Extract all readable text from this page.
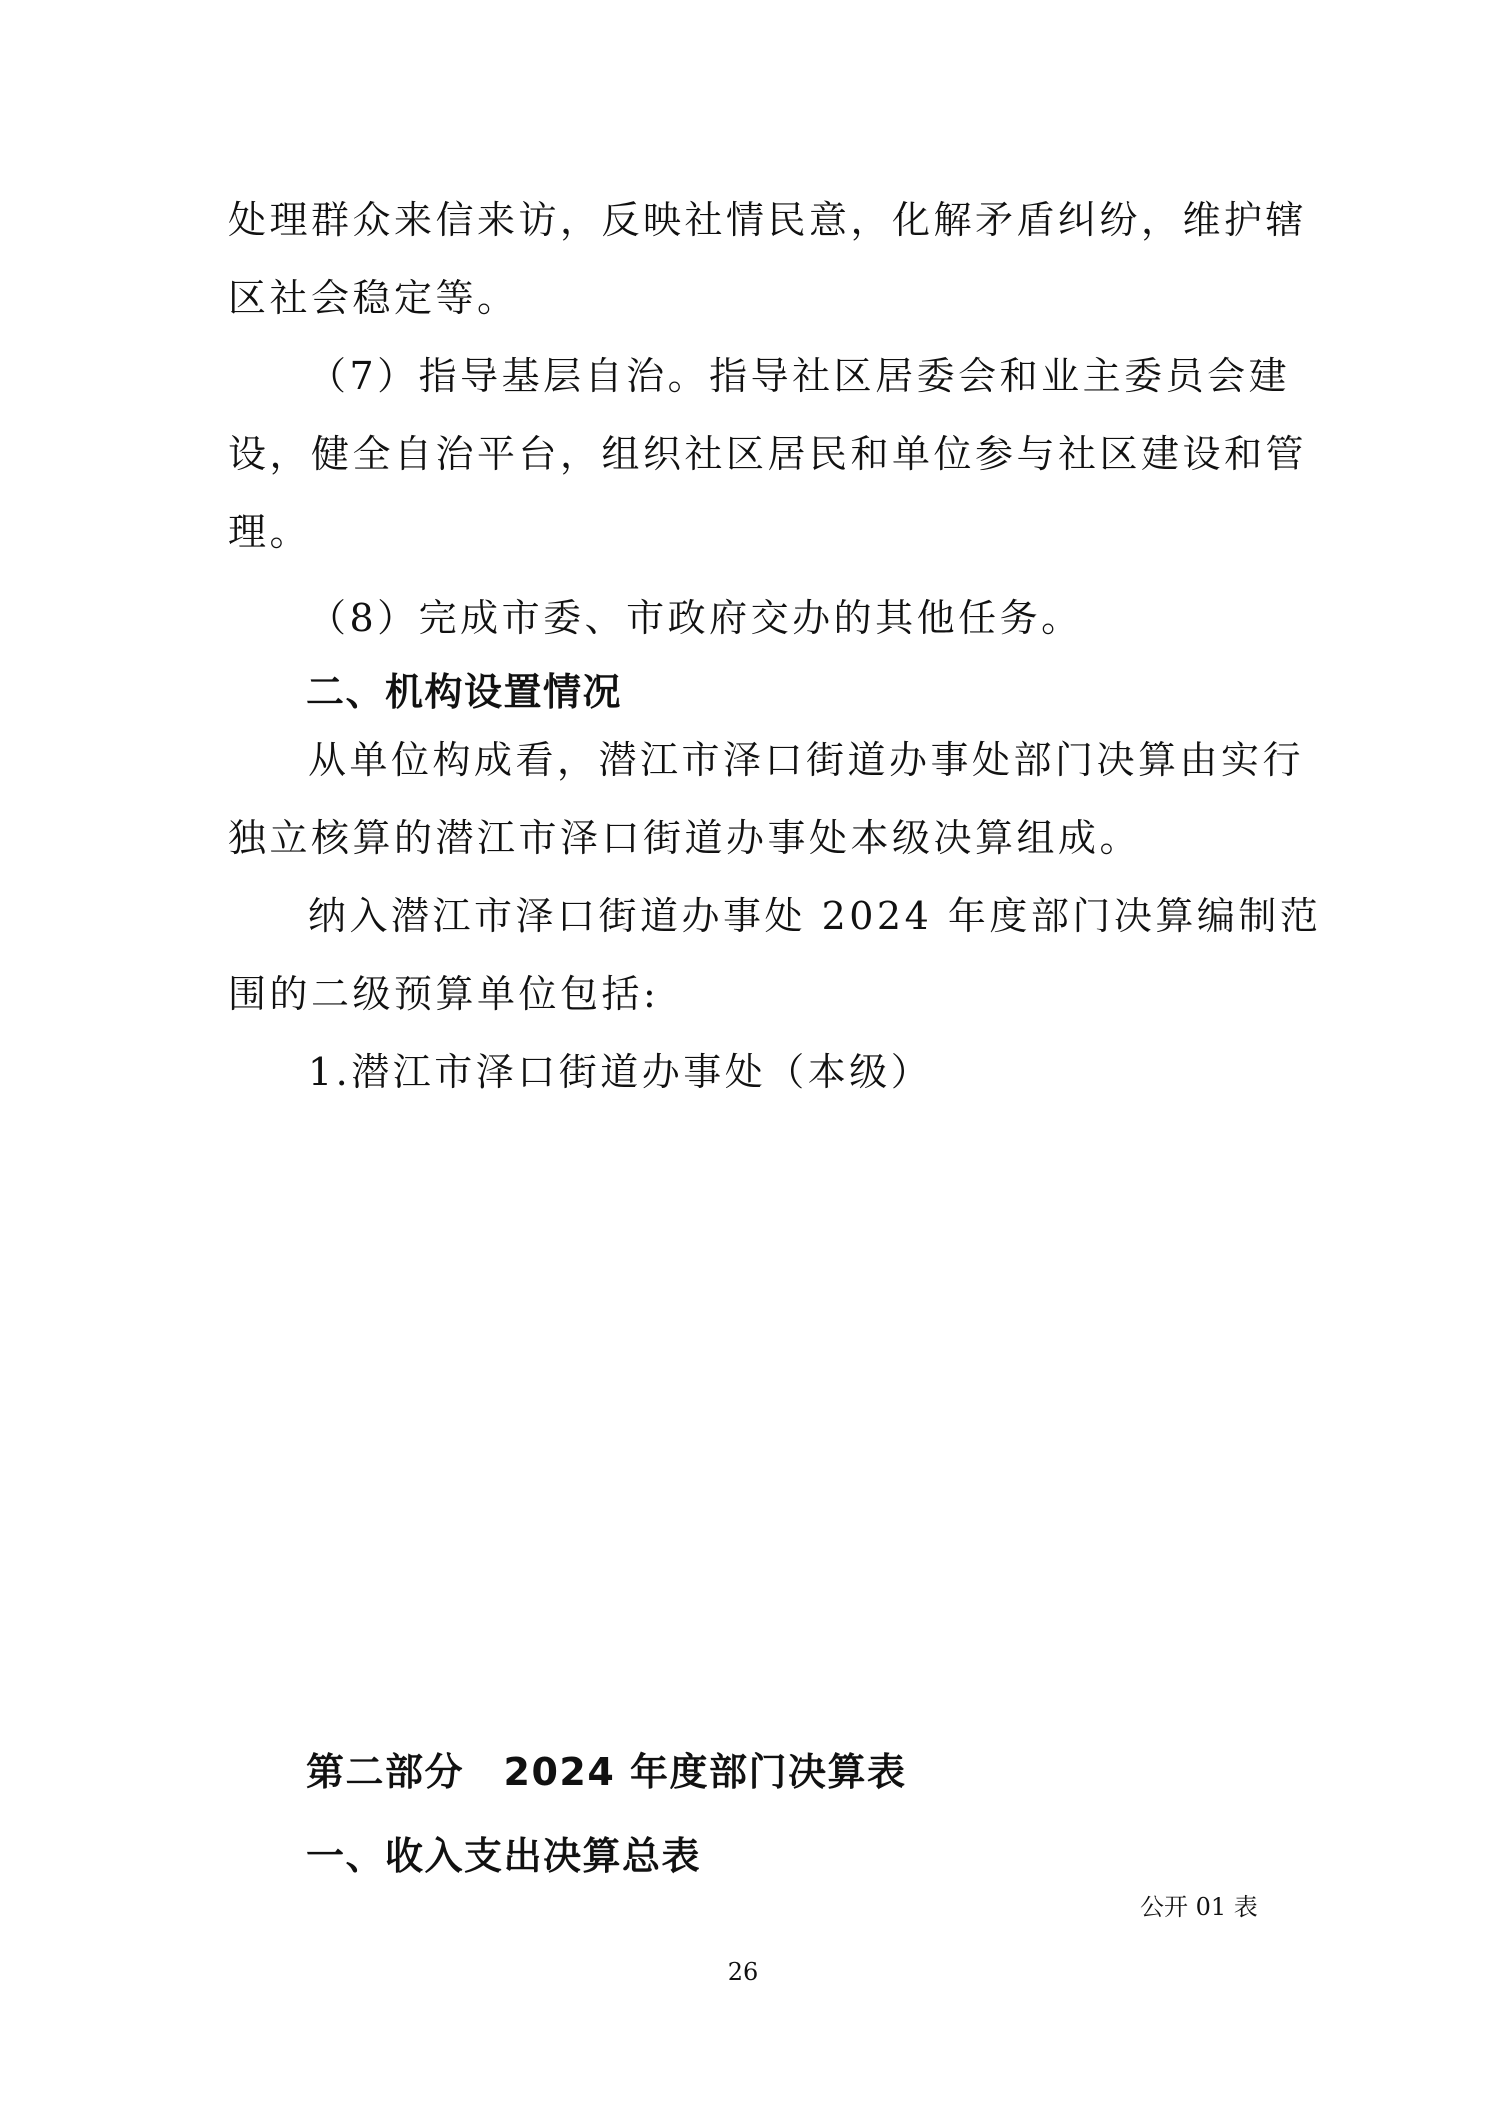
处理群众来信来访，反映社情民意，化解矛盾纠纷，维护辖
区社会稳定等。
（7）指导基层自治。指导社区居委会和业主委员会建
设，健全自治平台，组织社区居民和单位参与社区建设和管
理。
（8）完成市委、市政府交办的其他任务。
二、机构设置情况
从单位构成看，潜江市泽口街道办事处部门决算由实行
独立核算的潜江市泽口街道办事处本级决算组成。
纳入潜江市泽口街道办事处 2024 年度部门决算编制范
围的二级预算单位包括:
1.潜江市泽口街道办事处（本级）
第二部分　2024 年度部门决算表
一、收入支出决算总表
公开 01 表
26
